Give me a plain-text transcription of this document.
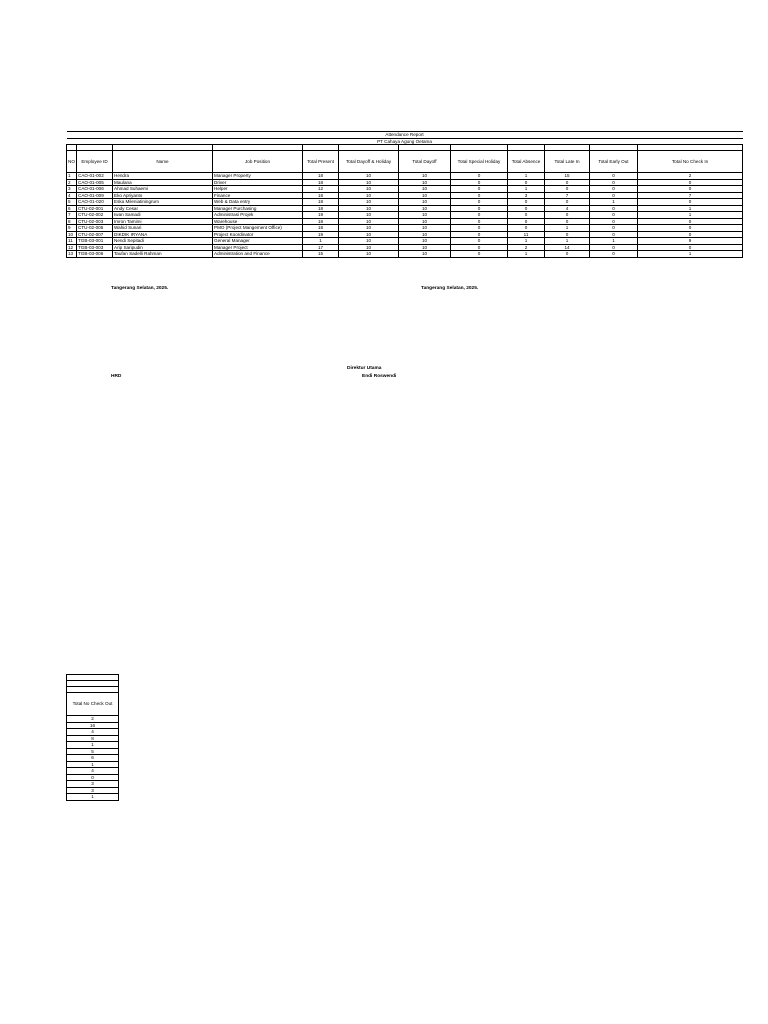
Attendance Report											
PT Cahaya Agung Oetama											

NO	Employee ID	Name	Job Position	Total Present	Total Dayoff & Holiday	Total Dayoff	Total Special Holiday	Total Absence	Total Late In	Total Early Out	Total No Check In
1	CAO-01-002	Hendra	Manager Property	18	10	10	0	1	15	0	2
2	CAO-01-005	Maulana	Driver	18	10	10	0	0	0	0	0
3	CAO-01-006	Ahmad Suhaemi	Helper	12	10	10	0	1	0	0	0
4	CAO-01-009	Eko Apriyanto	Finance	18	10	10	0	3	7	0	7
5	CAO-01-020	Eska Mileniatiningrum	Web & Data entry	18	10	10	0	0	0	1	0
6	CTU-02-001	Andy Cesar	Manager Purchasing	18	10	10	0	0	4	0	1
7	CTU-02-002	Iwan Samadi	Administrasi Projek	19	10	10	0	0	0	0	1
8	CTU-02-003	Imron Tamimi	Warehouse	18	10	10	0	0	0	0	0
9	CTU-02-005	Wahid Sunari	PMO (Project Mangement Office)	18	10	10	0	0	1	0	0
10	CTU-02-007	DIKDIK IRYANA	Project Koordinator	19	10	10	0	11	0	0	0
11	TGB-03-001	Nendi Sepitadi	General Manager	1	10	10	0	1	1	1	9
12	TGB-03-003	Arip Saripudin	Manager Project	17	10	10	0	2	14	0	0
13	TGB-03-006	Taufan Sadelli Rahman	Administration and Finance	15	10	10	0	1	0	0	1
Tangerang Selatan, 2025.	Tangerang Selatan, 2025.
Direktur Utama
Endi Roswendi
HRD

Total No Check Out
2
16
4
8
1
5
6
1
4
0
3
3
1
